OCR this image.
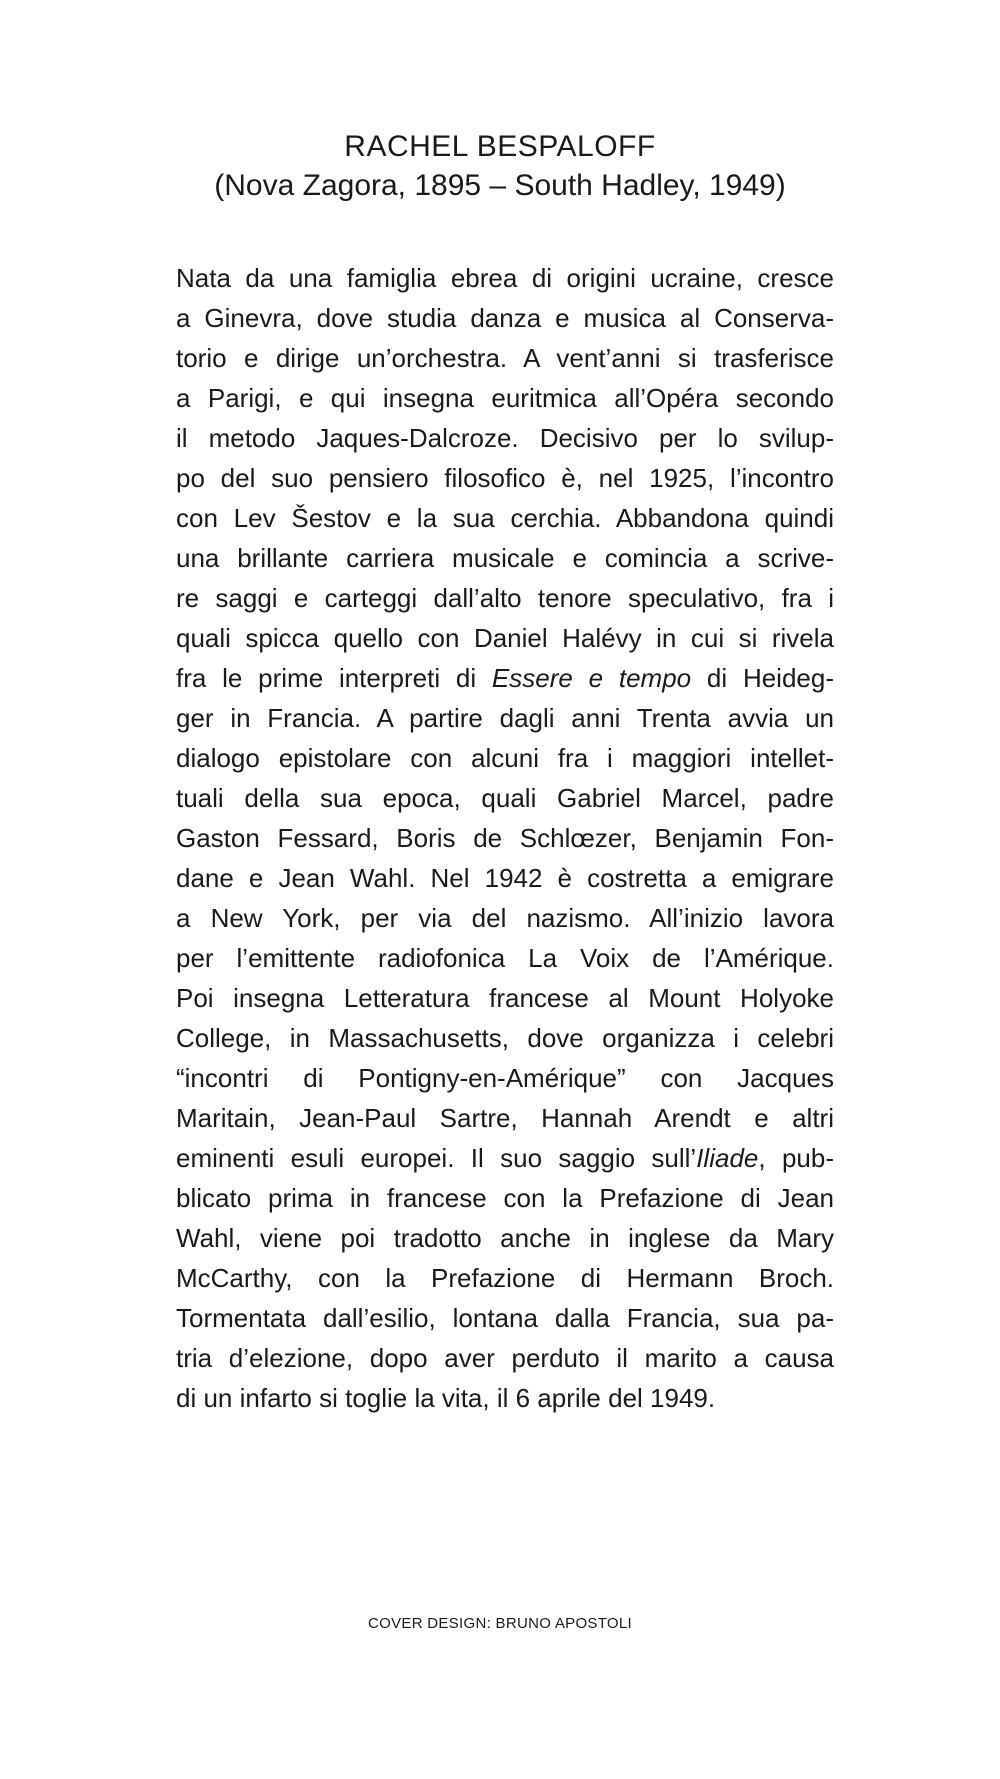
RACHEL BESPALOFF
(Nova Zagora, 1895 – South Hadley, 1949)

Nata da una famiglia ebrea di origini ucraine, cresce
a Ginevra, dove studia danza e musica al Conserva-
torio e dirige un’orchestra. A vent’anni si trasferisce
a Parigi, e qui insegna euritmica all’Opéra secondo
il metodo Jaques-Dalcroze. Decisivo per lo svilup-
po del suo pensiero filosofico è, nel 1925, l’incontro
con Lev Šestov e la sua cerchia. Abbandona quindi
una brillante carriera musicale e comincia a scrive-
re saggi e carteggi dall’alto tenore speculativo, fra i
quali spicca quello con Daniel Halévy in cui si rivela
fra le prime interpreti di Essere e tempo di Heideg-
ger in Francia. A partire dagli anni Trenta avvia un
dialogo epistolare con alcuni fra i maggiori intellet-
tuali della sua epoca, quali Gabriel Marcel, padre
Gaston Fessard, Boris de Schlœzer, Benjamin Fon-
dane e Jean Wahl. Nel 1942 è costretta a emigrare
a New York, per via del nazismo. All’inizio lavora
per l’emittente radiofonica La Voix de l’Amérique.
Poi insegna Letteratura francese al Mount Holyoke
College, in Massachusetts, dove organizza i celebri
“incontri di Pontigny-en-Amérique” con Jacques
Maritain, Jean-Paul Sartre, Hannah Arendt e altri
eminenti esuli europei. Il suo saggio sull’Iliade, pub-
blicato prima in francese con la Prefazione di Jean
Wahl, viene poi tradotto anche in inglese da Mary
McCarthy, con la Prefazione di Hermann Broch.
Tormentata dall’esilio, lontana dalla Francia, sua pa-
tria d’elezione, dopo aver perduto il marito a causa
di un infarto si toglie la vita, il 6 aprile del 1949.

COVER DESIGN: BRUNO APOSTOLI
